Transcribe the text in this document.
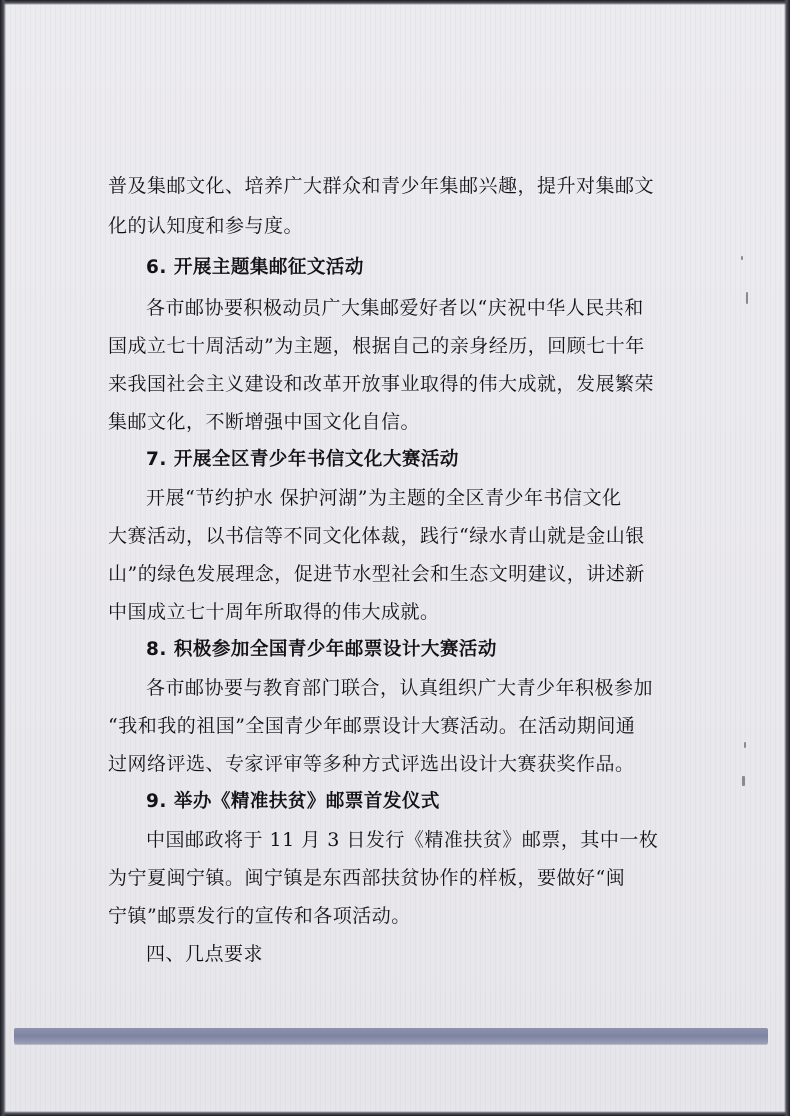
普及集邮文化、培养广大群众和青少年集邮兴趣，提升对集邮文
化的认知度和参与度。
6. 开展主题集邮征文活动
各市邮协要积极动员广大集邮爱好者以“庆祝中华人民共和
国成立七十周活动”为主题，根据自己的亲身经历，回顾七十年
来我国社会主义建设和改革开放事业取得的伟大成就，发展繁荣
集邮文化，不断增强中国文化自信。
7. 开展全区青少年书信文化大赛活动
开展“节约护水 保护河湖”为主题的全区青少年书信文化
大赛活动，以书信等不同文化体裁，践行“绿水青山就是金山银
山”的绿色发展理念，促进节水型社会和生态文明建议，讲述新
中国成立七十周年所取得的伟大成就。
8. 积极参加全国青少年邮票设计大赛活动
各市邮协要与教育部门联合，认真组织广大青少年积极参加
“我和我的祖国”全国青少年邮票设计大赛活动。在活动期间通
过网络评选、专家评审等多种方式评选出设计大赛获奖作品。
9. 举办《精准扶贫》邮票首发仪式
中国邮政将于 11 月 3 日发行《精准扶贫》邮票，其中一枚
为宁夏闽宁镇。闽宁镇是东西部扶贫协作的样板，要做好“闽
宁镇”邮票发行的宣传和各项活动。
四、几点要求
